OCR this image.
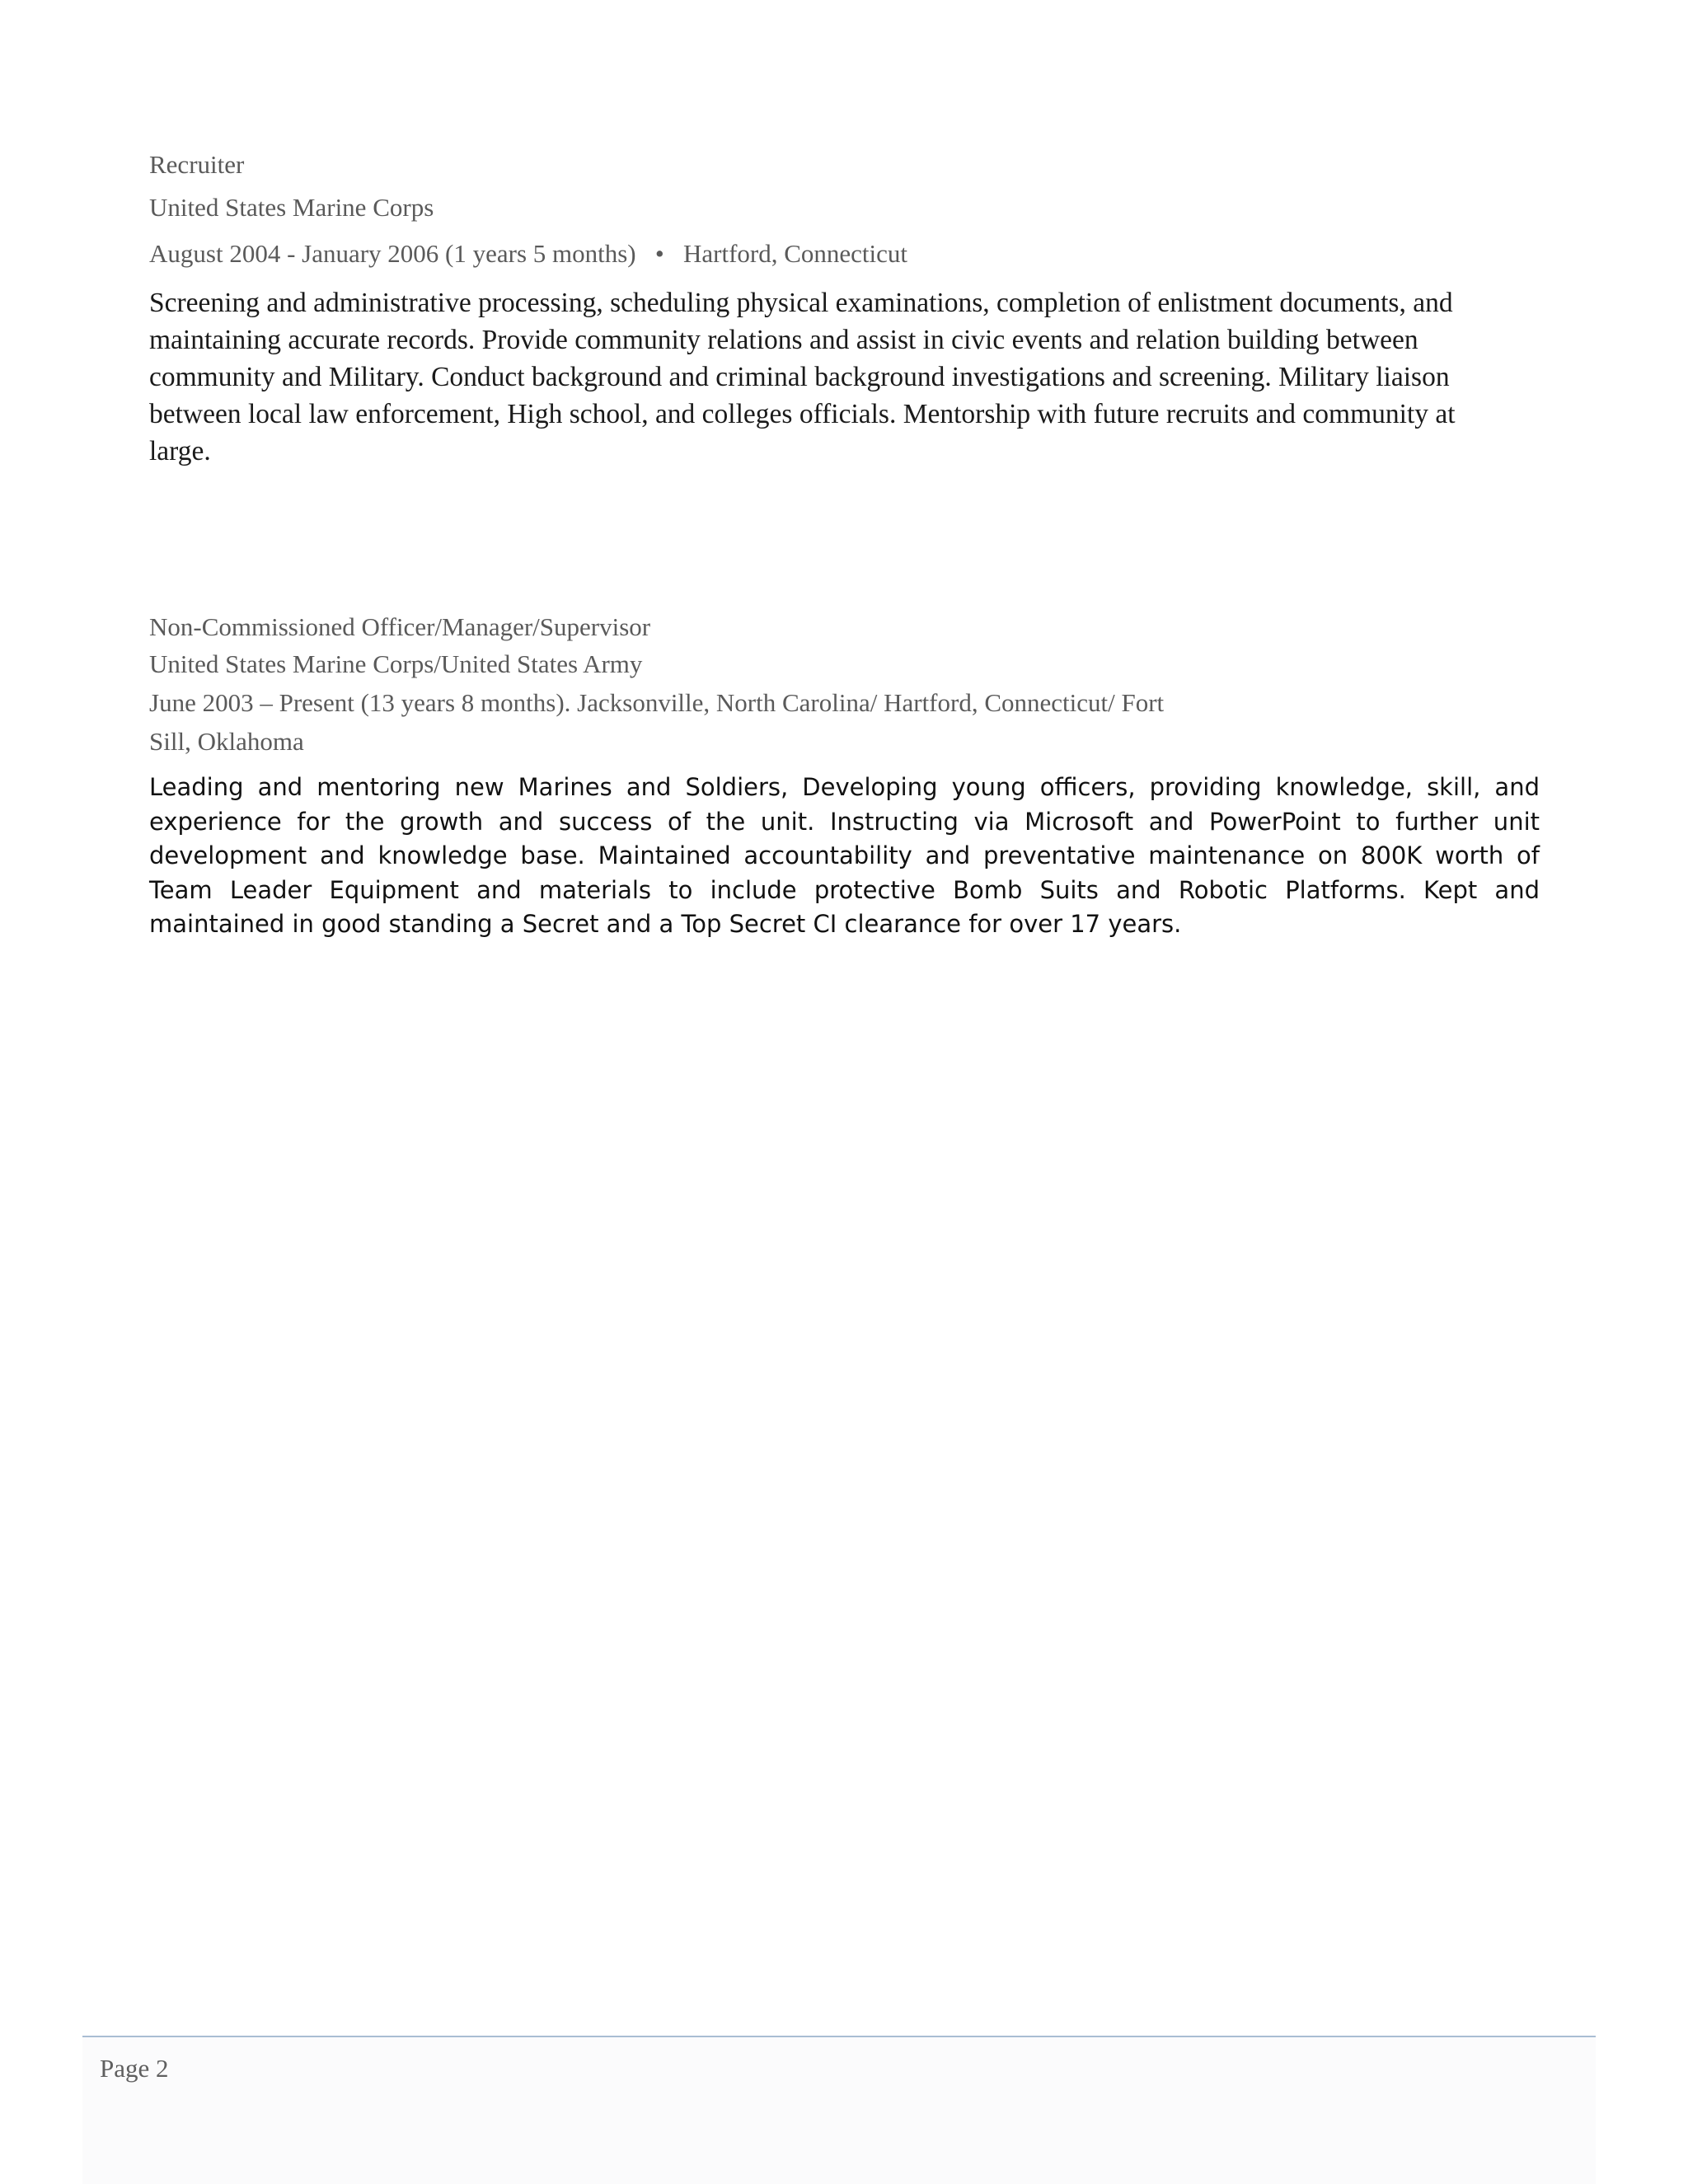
Recruiter
United States Marine Corps
August 2004 - January 2006 (1 years 5 months) • Hartford, Connecticut
Screening and administrative processing, scheduling physical examinations, completion of enlistment documents, and maintaining accurate records. Provide community relations and assist in civic events and relation building between community and Military. Conduct background and criminal background investigations and screening. Military liaison between local law enforcement, High school, and colleges officials. Mentorship with future recruits and community at large.
Non-Commissioned Officer/Manager/Supervisor
United States Marine Corps/United States Army
June 2003 – Present (13 years 8 months). Jacksonville, North Carolina/ Hartford, Connecticut/ Fort
Sill, Oklahoma
Leading and mentoring new Marines and Soldiers, Developing young officers, providing knowledge, skill, and experience for the growth and success of the unit. Instructing via Microsoft and PowerPoint to further unit development and knowledge base. Maintained accountability and preventative maintenance on 800K worth of Team Leader Equipment and materials to include protective Bomb Suits and Robotic Platforms. Kept and maintained in good standing a Secret and a Top Secret CI clearance for over 17 years.
Page 2
